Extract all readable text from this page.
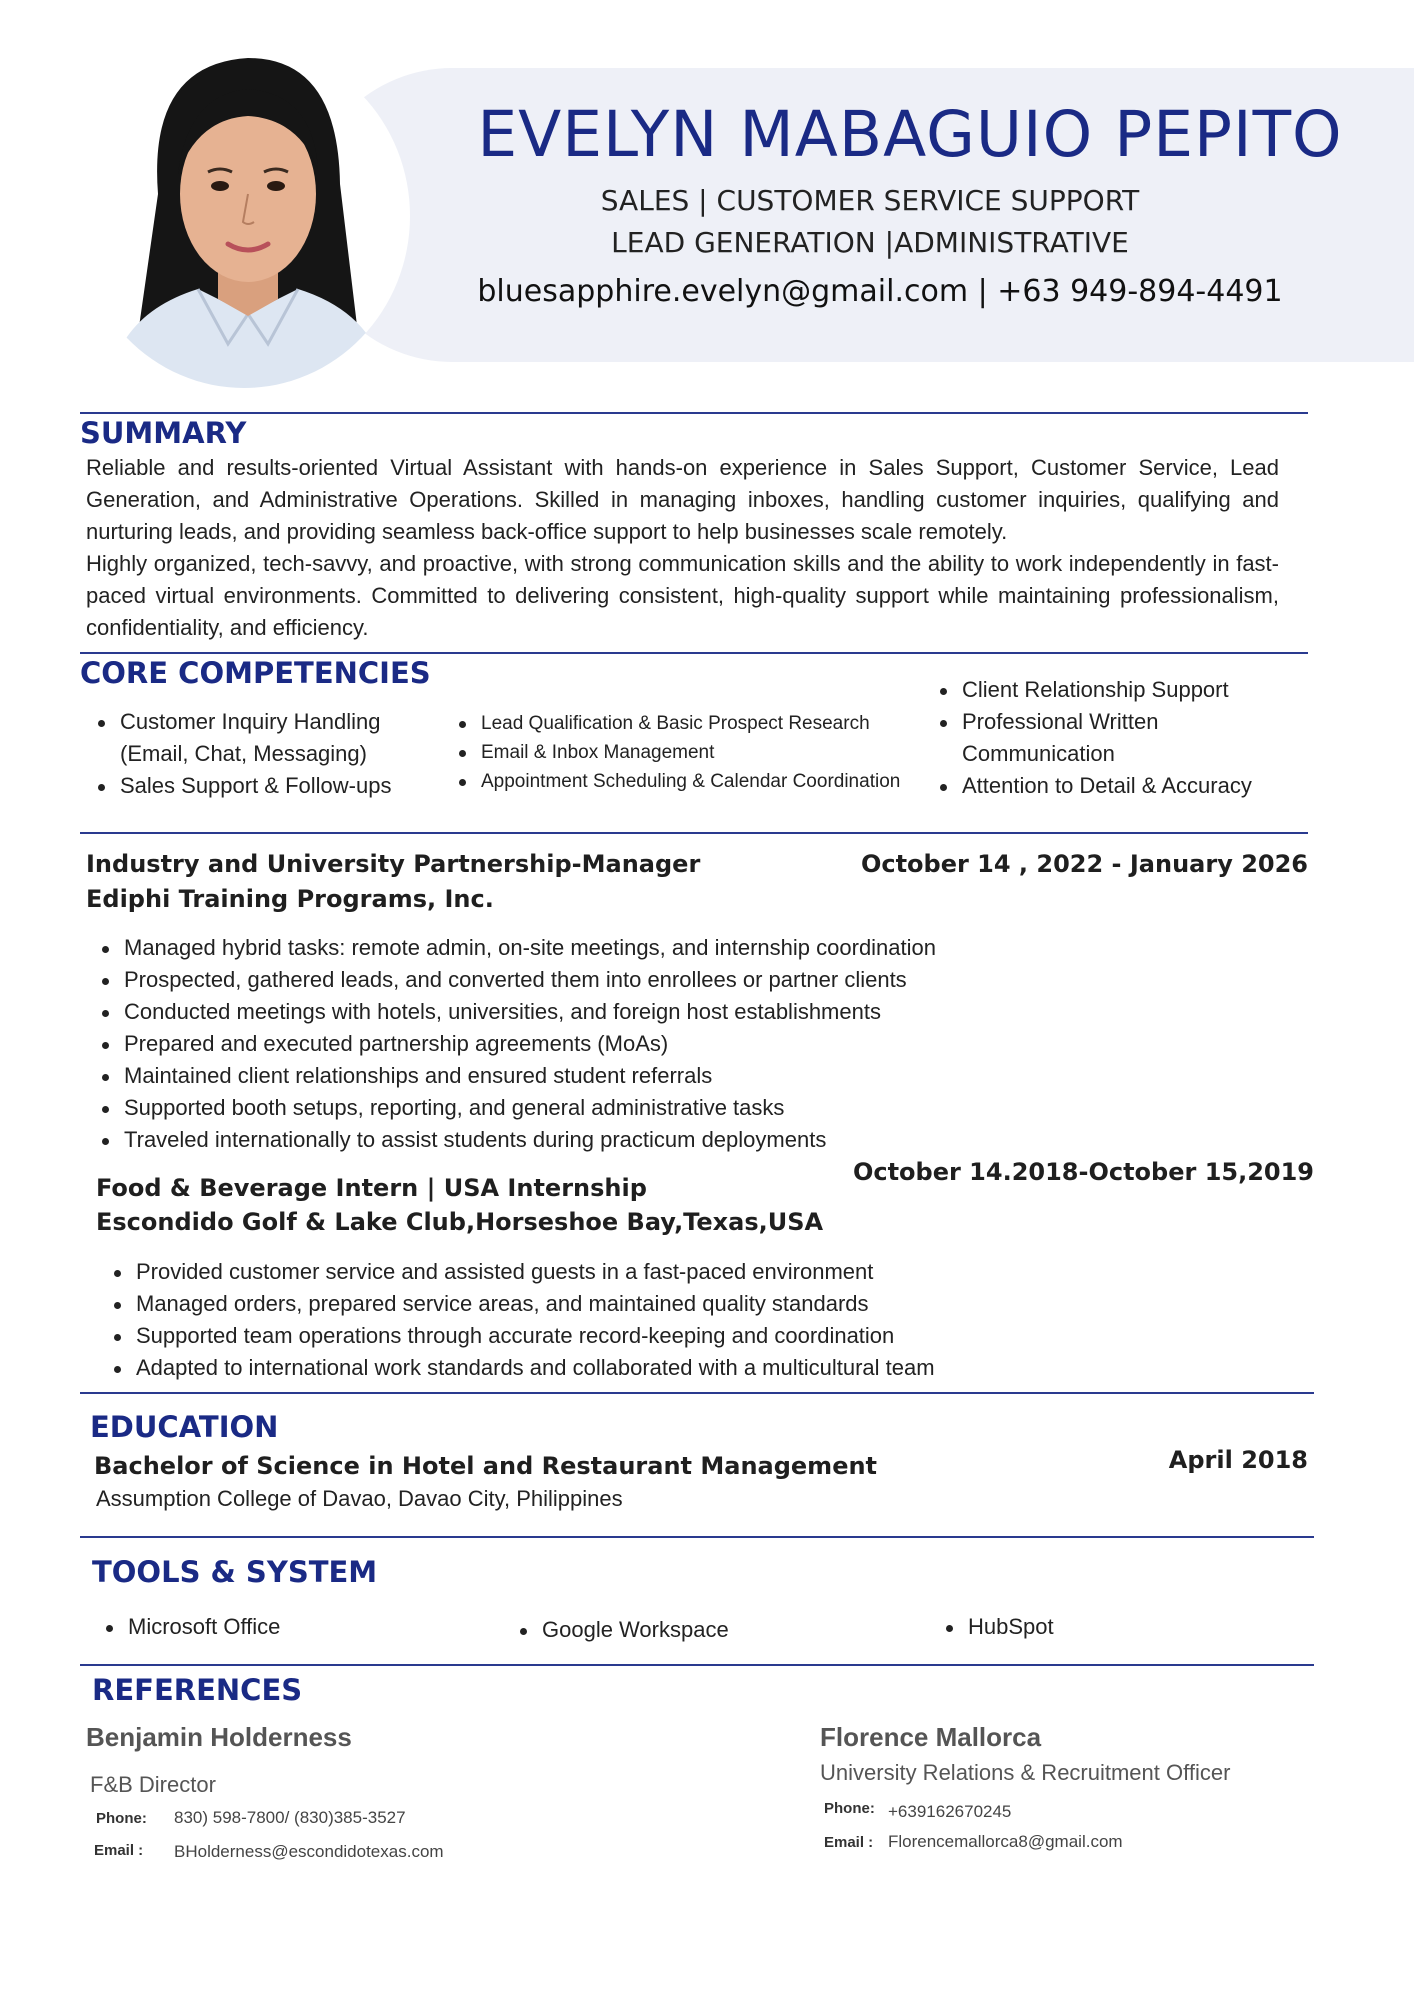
EVELYN MABAGUIO PEPITO
SALES | CUSTOMER SERVICE SUPPORT
LEAD GENERATION |ADMINISTRATIVE
bluesapphire.evelyn@gmail.com | +63 949-894-4491
SUMMARY

Reliable and results-oriented Virtual Assistant with hands-on experience in Sales Support, Customer Service, Lead Generation, and Administrative Operations. Skilled in managing inboxes, handling customer inquiries, qualifying and nurturing leads, and providing seamless back-office support to help businesses scale remotely.

Highly organized, tech-savvy, and proactive, with strong communication skills and the ability to work independently in fast-paced virtual environments. Committed to delivering consistent, high-quality support while maintaining professionalism, confidentiality, and efficiency.

CORE COMPETENCIES
Customer Inquiry Handling (Email, Chat, Messaging)
Sales Support & Follow-ups
Lead Qualification & Basic Prospect Research
Email & Inbox Management
Appointment Scheduling & Calendar Coordination
Client Relationship Support
Professional Written Communication
Attention to Detail & Accuracy
Industry and University Partnership-Manager
Ediphi Training Programs, Inc.
October 14 , 2022 - January 2026
Managed hybrid tasks: remote admin, on-site meetings, and internship coordination
Prospected, gathered leads, and converted them into enrollees or partner clients
Conducted meetings with hotels, universities, and foreign host establishments
Prepared and executed partnership agreements (MoAs)
Maintained client relationships and ensured student referrals
Supported booth setups, reporting, and general administrative tasks
Traveled internationally to assist students during practicum deployments
October 14.2018-October 15,2019
Food & Beverage Intern | USA Internship
Escondido Golf & Lake Club,Horseshoe Bay,Texas,USA
Provided customer service and assisted guests in a fast-paced environment
Managed orders, prepared service areas, and maintained quality standards
Supported team operations through accurate record-keeping and coordination
Adapted to international work standards and collaborated with a multicultural team
EDUCATION
Bachelor of Science in Hotel and Restaurant Management	April 2018
Assumption College of Davao, Davao City, Philippines
TOOLS & SYSTEM
Microsoft Office	Google Workspace	HubSpot
REFERENCES
Benjamin Holderness
F&B Director
Phone: 830) 598-7800/ (830)385-3527
Email : BHolderness@escondidotexas.com
Florence Mallorca
University Relations & Recruitment Officer
Phone: +639162670245
Email : Florencemallorca8@gmail.com
